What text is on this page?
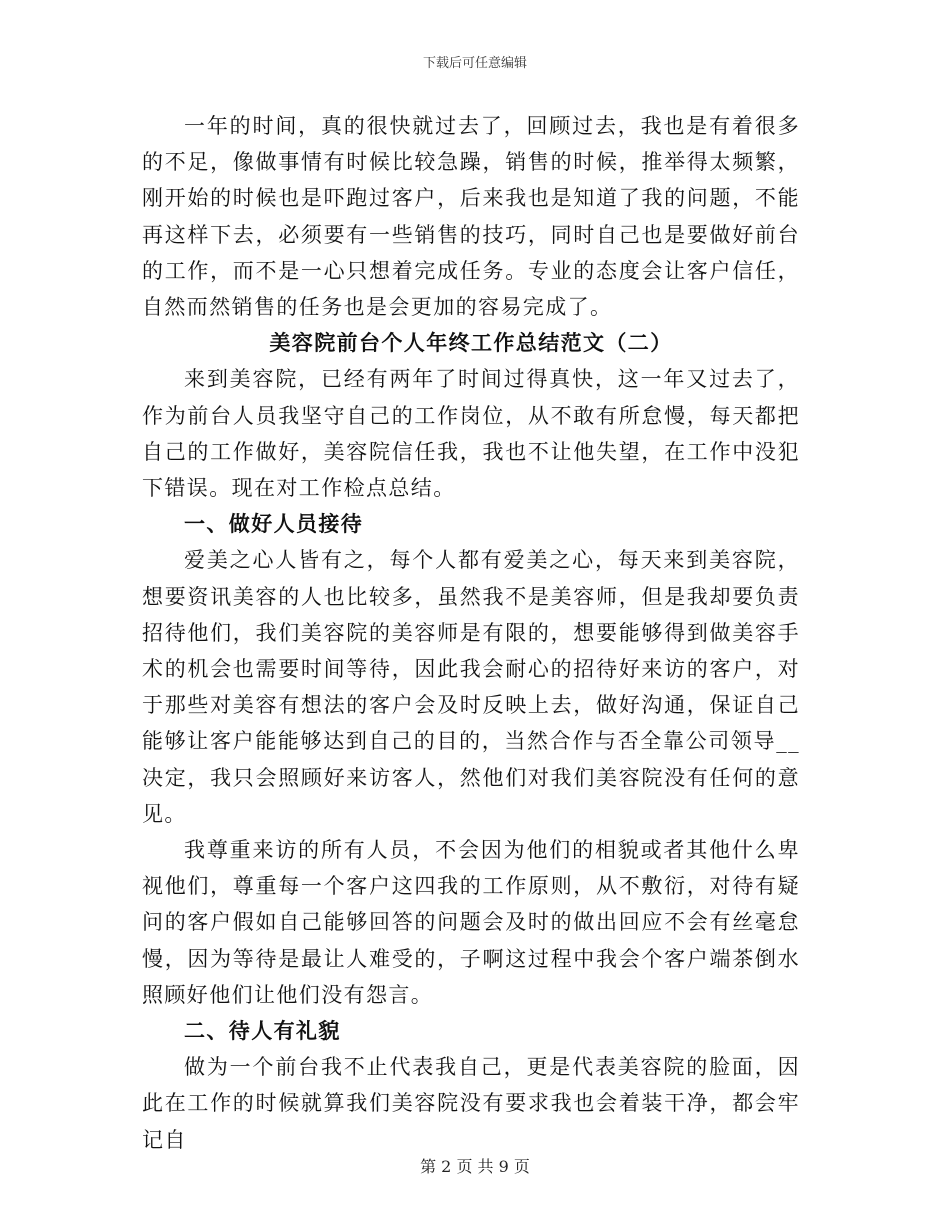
下载后可任意编辑

一年的时间，真的很快就过去了，回顾过去，我也是有着很多的不足，像做事情有时候比较急躁，销售的时候，推举得太频繁，刚开始的时候也是吓跑过客户，后来我也是知道了我的问题，不能再这样下去，必须要有一些销售的技巧，同时自己也是要做好前台的工作，而不是一心只想着完成任务。专业的态度会让客户信任，自然而然销售的任务也是会更加的容易完成了。

美容院前台个人年终工作总结范文（二）

来到美容院，已经有两年了时间过得真快，这一年又过去了，作为前台人员我坚守自己的工作岗位，从不敢有所怠慢，每天都把自己的工作做好，美容院信任我，我也不让他失望，在工作中没犯下错误。现在对工作检点总结。

一、做好人员接待

爱美之心人皆有之，每个人都有爱美之心，每天来到美容院，想要资讯美容的人也比较多，虽然我不是美容师，但是我却要负责招待他们，我们美容院的美容师是有限的，想要能够得到做美容手术的机会也需要时间等待，因此我会耐心的招待好来访的客户，对于那些对美容有想法的客户会及时反映上去，做好沟通，保证自己能够让客户能能够达到自己的目的，当然合作与否全靠公司领导__决定，我只会照顾好来访客人，然他们对我们美容院没有任何的意见。

我尊重来访的所有人员，不会因为他们的相貌或者其他什么卑视他们，尊重每一个客户这四我的工作原则，从不敷衍，对待有疑问的客户假如自己能够回答的问题会及时的做出回应不会有丝毫怠慢，因为等待是最让人难受的，子啊这过程中我会个客户端茶倒水照顾好他们让他们没有怨言。

二、待人有礼貌

做为一个前台我不止代表我自己，更是代表美容院的脸面，因此在工作的时候就算我们美容院没有要求我也会着装干净，都会牢记自

第 2 页 共 9 页
